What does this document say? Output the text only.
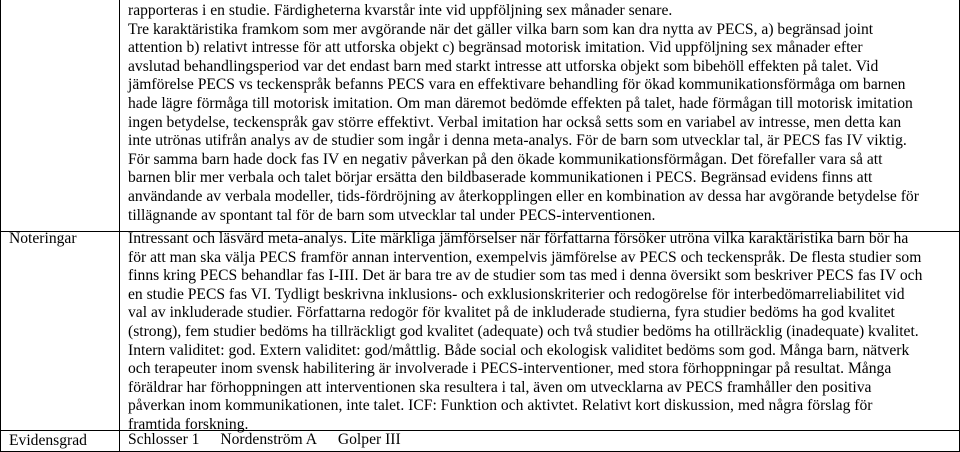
rapporteras i en studie. Färdigheterna kvarstår inte vid uppföljning sex månader senare.
Tre karaktäristika framkom som mer avgörande när det gäller vilka barn som kan dra nytta av PECS, a) begränsad joint
attention b) relativt intresse för att utforska objekt c) begränsad motorisk imitation. Vid uppföljning sex månader efter
avslutad behandlingsperiod var det endast barn med starkt intresse att utforska objekt som bibehöll effekten på talet. Vid
jämförelse PECS vs teckenspråk befanns PECS vara en effektivare behandling för ökad kommunikationsförmåga om barnen
hade lägre förmåga till motorisk imitation. Om man däremot bedömde effekten på talet, hade förmågan till motorisk imitation
ingen betydelse, teckenspråk gav större effektivt. Verbal imitation har också setts som en variabel av intresse, men detta kan
inte utrönas utifrån analys av de studier som ingår i denna meta-analys. För de barn som utvecklar tal, är PECS fas IV viktig.
För samma barn hade dock fas IV en negativ påverkan på den ökade kommunikationsförmågan. Det förefaller vara så att
barnen blir mer verbala och talet börjar ersätta den bildbaserade kommunikationen i PECS. Begränsad evidens finns att
användande av verbala modeller, tids-fördröjning av återkopplingen eller en kombination av dessa har avgörande betydelse för
tillägnande av spontant tal för de barn som utvecklar tal under PECS-interventionen.
Noteringar	Intressant och läsvärd meta-analys. Lite märkliga jämförselser när författarna försöker utröna vilka karaktäristika barn bör ha
för att man ska välja PECS framför annan intervention, exempelvis jämförelse av PECS och teckenspråk. De flesta studier som
finns kring PECS behandlar fas I-III. Det är bara tre av de studier som tas med i denna översikt som beskriver PECS fas IV och
en studie PECS fas VI. Tydligt beskrivna inklusions- och exklusionskriterier och redogörelse för interbedömarreliabilitet vid
val av inkluderade studier. Författarna redogör för kvalitet på de inkluderade studierna, fyra studier bedöms ha god kvalitet
(strong), fem studier bedöms ha tillräckligt god kvalitet (adequate) och två studier bedöms ha otillräcklig (inadequate) kvalitet.
Intern validitet: god. Extern validitet: god/måttlig. Både social och ekologisk validitet bedöms som god. Många barn, nätverk
och terapeuter inom svensk habilitering är involverade i PECS-interventioner, med stora förhoppningar på resultat. Många
föräldrar har förhoppningen att interventionen ska resultera i tal, även om utvecklarna av PECS framhåller den positiva
påverkan inom kommunikationen, inte talet. ICF: Funktion och aktivtet. Relativt kort diskussion, med några förslag för
framtida forskning.
Evidensgrad	Schlosser 1 Nordenström A Golper III
